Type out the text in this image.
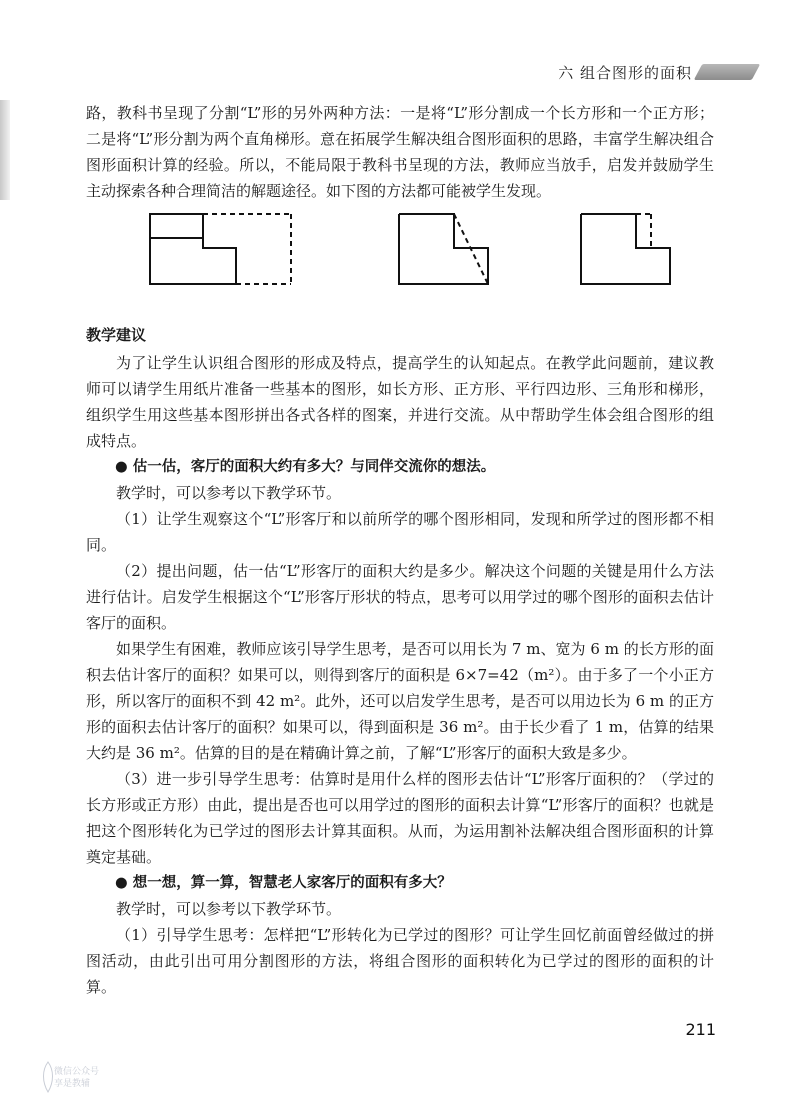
六 组合图形的面积

路，教科书呈现了分割“L”形的另外两种方法：一是将“L”形分割成一个长方形和一个正方形；二是将“L”形分割为两个直角梯形。意在拓展学生解决组合图形面积的思路，丰富学生解决组合图形面积计算的经验。所以，不能局限于教科书呈现的方法，教师应当放手，启发并鼓励学生主动探索各种合理简洁的解题途径。如下图的方法都可能被学生发现。

教学建议

为了让学生认识组合图形的形成及特点，提高学生的认知起点。在教学此问题前，建议教师可以请学生用纸片准备一些基本的图形，如长方形、正方形、平行四边形、三角形和梯形，组织学生用这些基本图形拼出各式各样的图案，并进行交流。从中帮助学生体会组合图形的组成特点。

● 估一估，客厅的面积大约有多大？与同伴交流你的想法。

教学时，可以参考以下教学环节。

（1）让学生观察这个“L”形客厅和以前所学的哪个图形相同，发现和所学过的图形都不相同。

（2）提出问题，估一估“L”形客厅的面积大约是多少。解决这个问题的关键是用什么方法进行估计。启发学生根据这个“L”形客厅形状的特点，思考可以用学过的哪个图形的面积去估计客厅的面积。

如果学生有困难，教师应该引导学生思考，是否可以用长为 7 m、宽为 6 m 的长方形的面积去估计客厅的面积？如果可以，则得到客厅的面积是 6×7=42（m²）。由于多了一个小正方形，所以客厅的面积不到 42 m²。此外，还可以启发学生思考，是否可以用边长为 6 m 的正方形的面积去估计客厅的面积？如果可以，得到面积是 36 m²。由于长少看了 1 m，估算的结果大约是 36 m²。估算的目的是在精确计算之前，了解“L”形客厅的面积大致是多少。

（3）进一步引导学生思考：估算时是用什么样的图形去估计“L”形客厅面积的？（学过的长方形或正方形）由此，提出是否也可以用学过的图形的面积去计算“L”形客厅的面积？也就是把这个图形转化为已学过的图形去计算其面积。从而，为运用割补法解决组合图形面积的计算奠定基础。

● 想一想，算一算，智慧老人家客厅的面积有多大？

教学时，可以参考以下教学环节。

（1）引导学生思考：怎样把“L”形转化为已学过的图形？可让学生回忆前面曾经做过的拼图活动，由此引出可用分割图形的方法，将组合图形的面积转化为已学过的图形的面积的计算。

211
微信公众号
享是教辅
